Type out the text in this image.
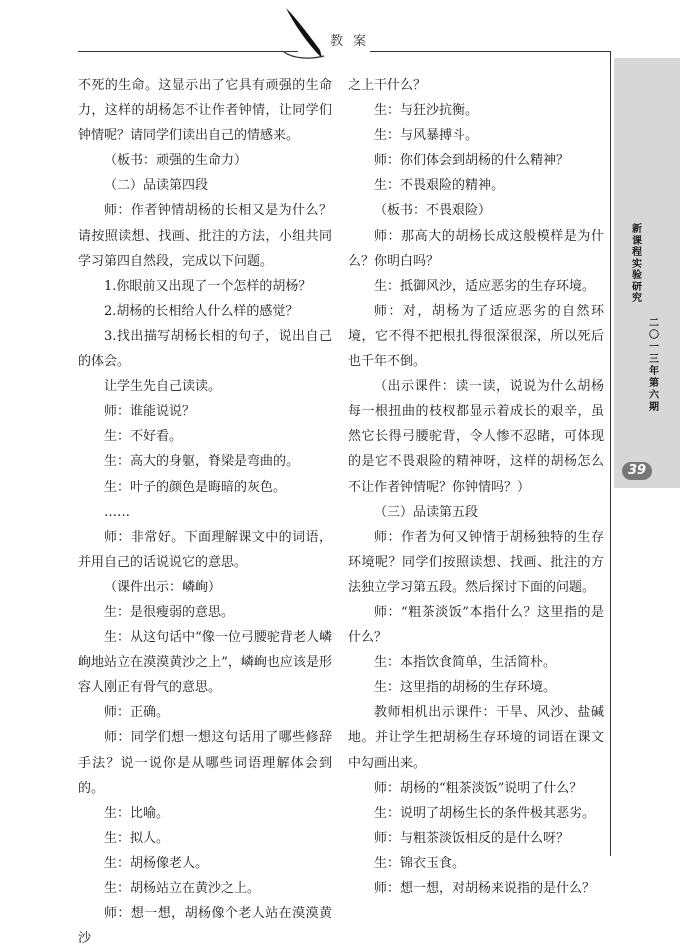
教案
新课程实验研究
二〇一三年第六期
39

不死的生命。这显示出了它具有顽强的生命力，这样的胡杨怎不让作者钟情，让同学们钟情呢？请同学们读出自己的情感来。

（板书：顽强的生命力）

（二）品读第四段

师：作者钟情胡杨的长相又是为什么？请按照读想、找画、批注的方法，小组共同学习第四自然段，完成以下问题。

1.你眼前又出现了一个怎样的胡杨？

2.胡杨的长相给人什么样的感觉？

3.找出描写胡杨长相的句子，说出自己的体会。

让学生先自己读读。

师：谁能说说？

生：不好看。

生：高大的身躯，脊梁是弯曲的。

生：叶子的颜色是晦暗的灰色。

……

师：非常好。下面理解课文中的词语，并用自己的话说说它的意思。

（课件出示：嶙峋）

生：是很瘦弱的意思。

生：从这句话中“像一位弓腰驼背老人嶙峋地站立在漠漠黄沙之上”，嶙峋也应该是形容人刚正有骨气的意思。

师：正确。

师：同学们想一想这句话用了哪些修辞手法？说一说你是从哪些词语理解体会到的。

生：比喻。

生：拟人。

生：胡杨像老人。

生：胡杨站立在黄沙之上。

师：想一想，胡杨像个老人站在漠漠黄沙

之上干什么？

生：与狂沙抗衡。

生：与风暴搏斗。

师：你们体会到胡杨的什么精神？

生：不畏艰险的精神。

（板书：不畏艰险）

师：那高大的胡杨长成这般模样是为什么？你明白吗？

生：抵御风沙，适应恶劣的生存环境。

师：对，胡杨为了适应恶劣的自然环境，它不得不把根扎得很深很深，所以死后也千年不倒。

（出示课件：读一读，说说为什么胡杨每一根扭曲的枝杈都显示着成长的艰辛，虽然它长得弓腰驼背，令人惨不忍睹，可体现的是它不畏艰险的精神呀，这样的胡杨怎么不让作者钟情呢？你钟情吗？）

（三）品读第五段

师：作者为何又钟情于胡杨独特的生存环境呢？同学们按照读想、找画、批注的方法独立学习第五段。然后探讨下面的问题。

师：“粗茶淡饭”本指什么？这里指的是什么？

生：本指饮食简单，生活简朴。

生：这里指的胡杨的生存环境。

教师相机出示课件：干旱、风沙、盐碱地。并让学生把胡杨生存环境的词语在课文中勾画出来。

师：胡杨的“粗茶淡饭”说明了什么？

生：说明了胡杨生长的条件极其恶劣。

师：与粗茶淡饭相反的是什么呀？

生：锦衣玉食。

师：想一想，对胡杨来说指的是什么？
